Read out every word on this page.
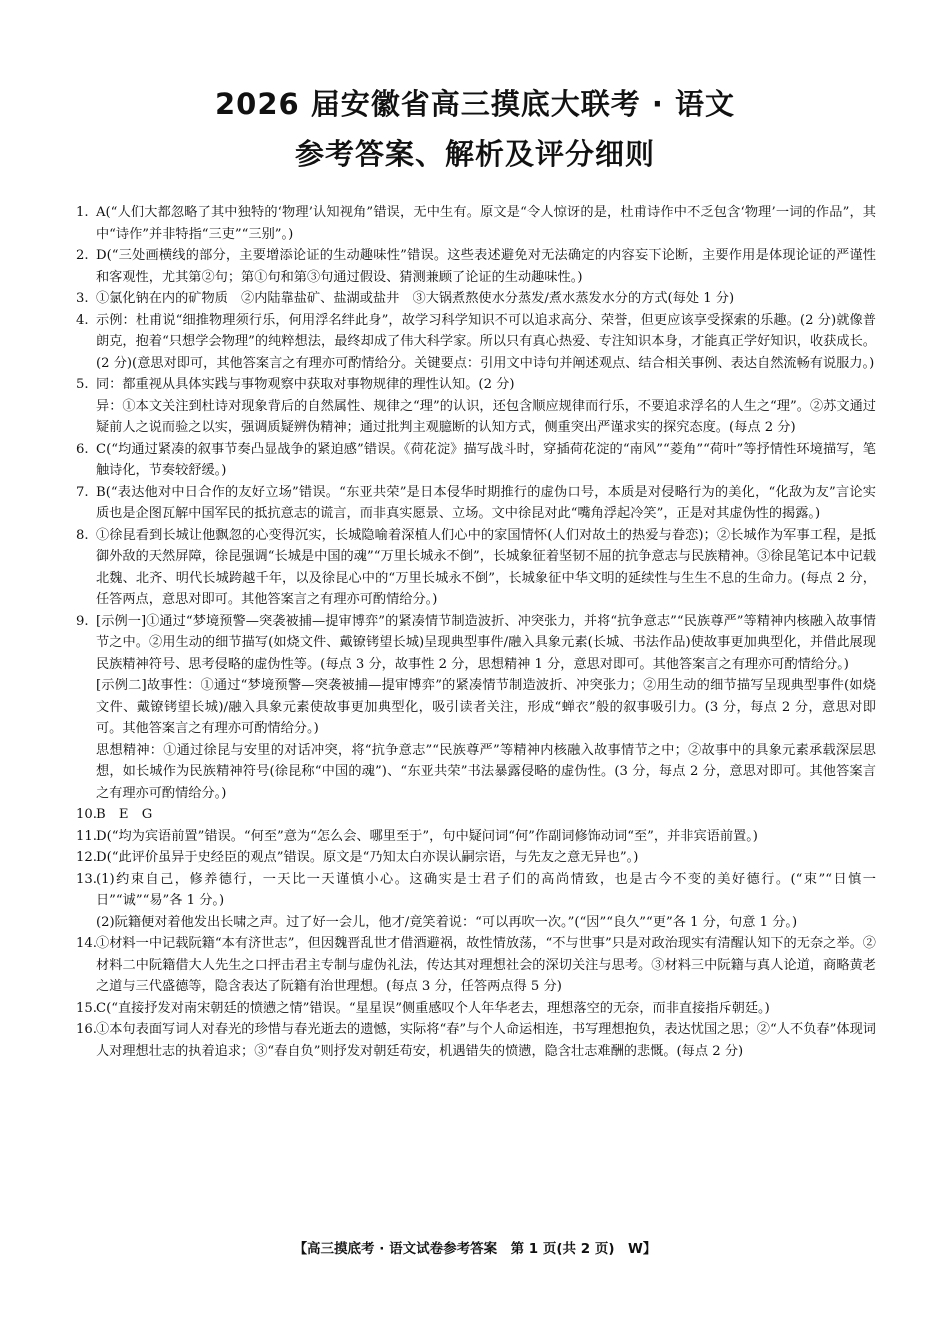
2026 届安徽省高三摸底大联考 · 语文
参考答案、解析及评分细则
1. A(“人们大都忽略了其中独特的‘物理’认知视角”错误，无中生有。原文是“令人惊讶的是，杜甫诗作中不乏包含‘物理’一词的作品”，其中“诗作”并非特指“三吏”“三别”。)
2. D(“三处画横线的部分，主要增添论证的生动趣味性”错误。这些表述避免对无法确定的内容妄下论断，主要作用是体现论证的严谨性和客观性，尤其第②句；第①句和第③句通过假设、猜测兼顾了论证的生动趣味性。)
3. ①氯化钠在内的矿物质　②内陆靠盐矿、盐湖或盐井　③大锅煮熬使水分蒸发/煮水蒸发水分的方式(每处 1 分)
4. 示例：杜甫说“细推物理须行乐，何用浮名绊此身”，故学习科学知识不可以追求高分、荣誉，但更应该享受探索的乐趣。(2 分)就像普朗克，抱着“只想学会物理”的纯粹想法，最终却成了伟大科学家。所以只有真心热爱、专注知识本身，才能真正学好知识，收获成长。(2 分)(意思对即可，其他答案言之有理亦可酌情给分。关键要点：引用文中诗句并阐述观点、结合相关事例、表达自然流畅有说服力。)
5. 同：都重视从具体实践与事物观察中获取对事物规律的理性认知。(2 分)
异：①本文关注到杜诗对现象背后的自然属性、规律之“理”的认识，还包含顺应规律而行乐，不要追求浮名的人生之“理”。②苏文通过疑前人之说而验之以实，强调质疑辨伪精神；通过批判主观臆断的认知方式，侧重突出严谨求实的探究态度。(每点 2 分)
6. C(“均通过紧凑的叙事节奏凸显战争的紧迫感”错误。《荷花淀》描写战斗时，穿插荷花淀的“南风”“菱角”“荷叶”等抒情性环境描写，笔触诗化，节奏较舒缓。)
7. B(“表达他对中日合作的友好立场”错误。“东亚共荣”是日本侵华时期推行的虚伪口号，本质是对侵略行为的美化，“化敌为友”言论实质也是企图瓦解中国军民的抵抗意志的谎言，而非真实愿景、立场。文中徐昆对此“嘴角浮起冷笑”，正是对其虚伪性的揭露。)
8. ①徐昆看到长城让他飘忽的心变得沉实，长城隐喻着深植人们心中的家国情怀(人们对故土的热爱与眷恋)；②长城作为军事工程，是抵御外敌的天然屏障，徐昆强调“长城是中国的魂”“万里长城永不倒”，长城象征着坚韧不屈的抗争意志与民族精神。③徐昆笔记本中记载北魏、北齐、明代长城跨越千年，以及徐昆心中的“万里长城永不倒”，长城象征中华文明的延续性与生生不息的生命力。(每点 2 分，任答两点，意思对即可。其他答案言之有理亦可酌情给分。)
9. [示例一]①通过“梦境预警—突袭被捕—提审博弈”的紧凑情节制造波折、冲突张力，并将“抗争意志”“民族尊严”等精神内核融入故事情节之中。②用生动的细节描写(如烧文件、戴镣铐望长城)呈现典型事件/融入具象元素(长城、书法作品)使故事更加典型化，并借此展现民族精神符号、思考侵略的虚伪性等。(每点 3 分，故事性 2 分，思想精神 1 分，意思对即可。其他答案言之有理亦可酌情给分。)
[示例二]故事性：①通过“梦境预警—突袭被捕—提审博弈”的紧凑情节制造波折、冲突张力；②用生动的细节描写呈现典型事件(如烧文件、戴镣铐望长城)/融入具象元素使故事更加典型化，吸引读者关注，形成“蝉衣”般的叙事吸引力。(3 分，每点 2 分，意思对即可。其他答案言之有理亦可酌情给分。)
思想精神：①通过徐昆与安里的对话冲突，将“抗争意志”“民族尊严”等精神内核融入故事情节之中；②故事中的具象元素承载深层思想，如长城作为民族精神符号(徐昆称“中国的魂”)、“东亚共荣”书法暴露侵略的虚伪性。(3 分，每点 2 分，意思对即可。其他答案言之有理亦可酌情给分。)
10. B　E　G
11. D(“均为宾语前置”错误。“何至”意为“怎么会、哪里至于”，句中疑问词“何”作副词修饰动词“至”，并非宾语前置。)
12. D(“此评价虽异于史经臣的观点”错误。原文是“乃知太白亦误认嗣宗语，与先友之意无异也”。)
13. (1)约束自己，修养德行，一天比一天谨慎小心。这确实是士君子们的高尚情致，也是古今不变的美好德行。(“束”“日慎一日”“诚”“易”各 1 分。)
(2)阮籍便对着他发出长啸之声。过了好一会儿，他才/竟笑着说：“可以再吹一次。”(“因”“良久”“更”各 1 分，句意 1 分。)
14. ①材料一中记载阮籍“本有济世志”，但因魏晋乱世才借酒避祸，故性情放荡，“不与世事”只是对政治现实有清醒认知下的无奈之举。②材料二中阮籍借大人先生之口抨击君主专制与虚伪礼法，传达其对理想社会的深切关注与思考。③材料三中阮籍与真人论道，商略黄老之道与三代盛德等，隐含表达了阮籍有治世理想。(每点 3 分，任答两点得 5 分)
15. C(“直接抒发对南宋朝廷的愤懑之情”错误。“星星误”侧重感叹个人年华老去，理想落空的无奈，而非直接指斥朝廷。)
16. ①本句表面写词人对春光的珍惜与春光逝去的遗憾，实际将“春”与个人命运相连，书写理想抱负，表达忧国之思；②“人不负春”体现词人对理想壮志的执着追求；③“春自负”则抒发对朝廷苟安，机遇错失的愤懑，隐含壮志难酬的悲慨。(每点 2 分)
【高三摸底考 · 语文试卷参考答案　第 1 页(共 2 页)　W】
